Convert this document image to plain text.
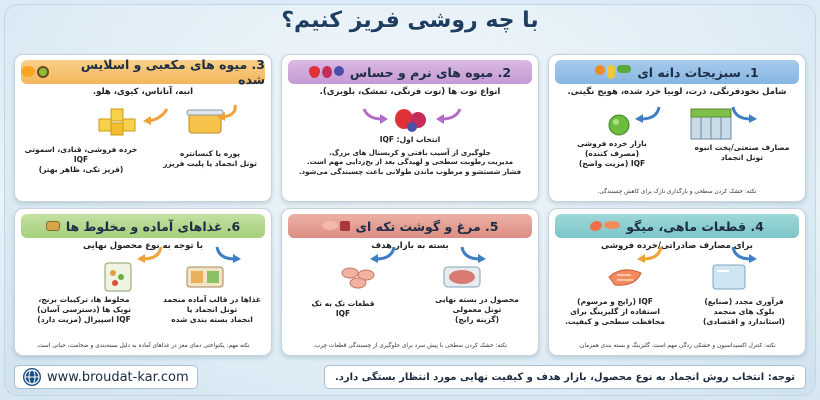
با چه روشی فریز کنیم؟
1. سبزیجات دانه ای
شامل نخودفرنگی، ذرت، لوبیا خرد شده، هویج نگینی.
مصارف صنعتی/پخت انبوه
تونل انجماد
بازار خرده فروشی
(مصرف کننده)
IQF (مزیت واضح)
نکته: خشک کردن سطحی و بارگذاری نازک برای کاهش چسبندگی.
2. میوه های نرم و حساس
انواع توت ها (توت فرنگی، تمشک، بلوبری).
انتخاب اول: IQF
جلوگیری از آسیب بافتی و کریستال های بزرگ.
مدیریت رطوبت سطحی و لهیدگی بعد از یخ‌زدایی مهم است.
فشار شستشو و مرطوب ماندن طولانی باعث چسبندگی می‌شود.
3. میوه های مکعبی و اسلایس شده
انبه، آناناس، کیوی، هلو.
پوره یا کنسانتره
تونل انجماد یا پلیت فریزر
خرده فروشی، قنادی، اسموتی
IQF
(فریز تکی، ظاهر بهتر)
4. قطعات ماهی، میگو
برای مصارف صادراتی/خرده فروشی
فرآوری مجدد (صنایع)
بلوک های منجمد
(استاندارد و اقتصادی)
IQF (رایج و مرسوم)
استفاده از گلیزینگ برای
محافظت سطحی و کیفیت.
نکته: کنترل اکسیداسیون و خشکی زدگی مهم است. گلیزینگ و بسته بندی همزمان.
5. مرغ و گوشت تکه ای
بسته به بازار هدف
محصول در بسته نهایی
تونل معمولی
(گزینه رایج)
قطعات تک به تک
IQF
نکته: خشک کردن سطحی با پیش سرد برای جلوگیری از چسبندگی قطعات چرب.
6. غذاهای آماده و مخلوط ها
با توجه به نوع محصول نهایی
غذاها در قالب آماده منجمد
تونل انجماد یا
انجماد بسته بندی شده
مخلوط ها، ترکیبات برنج،
توپک ها (دسترسی آسان)
IQF اسپیرال (مزیت دارد)
نکته مهم: یکنواختی دمای مغز در غذاهای آماده به دلیل بسته‌بندی و ضخامت، حیاتی است.
توجه: انتخاب روش انجماد به نوع محصول، بازار هدف و کیفیت نهایی مورد انتظار بستگی دارد.
www.broudat-kar.com
